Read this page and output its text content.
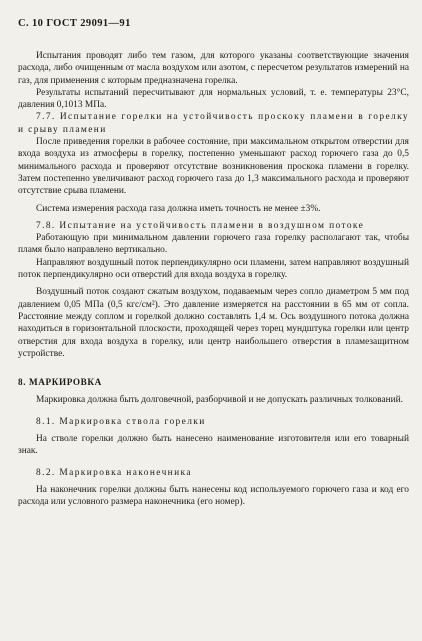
С. 10 ГОСТ 29091—91

Испытания проводят либо тем газом, для которого указаны соответствующие значения расхода, либо очищенным от масла воздухом или азотом, с пересчетом результатов измерений на газ, для применения с которым предназначена горелка.

Результаты испытаний пересчитывают для нормальных условий, т. е. температуры 23°С, давления 0,1013 МПа.

7.7. Испытание горелки на устойчивость проскоку пламени в горелку и срыву пламени

После приведения горелки в рабочее состояние, при максимальном открытом отверстии для входа воздуха из атмосферы в горелку, постепенно уменьшают расход горючего газа до 0,5 минимального расхода и проверяют отсутствие возникновения проскока пламени в горелку. Затем постепенно увеличивают расход горючего газа до 1,3 максимального расхода и проверяют отсутствие срыва пламени.

Система измерения расхода газа должна иметь точность не менее ±3%.

7.8. Испытание на устойчивость пламени в воздушном потоке

Работающую при минимальном давлении горючего газа горелку располагают так, чтобы пламя было направлено вертикально.

Направляют воздушный поток перпендикулярно оси пламени, затем направляют воздушный поток перпендикулярно оси отверстий для входа воздуха в горелку.

Воздушный поток создают сжатым воздухом, подаваемым через сопло диаметром 5 мм под давлением 0,05 МПа (0,5 кгс/см²). Это давление измеряется на расстоянии в 65 мм от сопла. Расстояние между соплом и горелкой должно составлять 1,4 м. Ось воздушного потока должна находиться в горизонтальной плоскости, проходящей через торец мундштука горелки или центр отверстия для входа воздуха в горелку, или центр наибольшего отверстия в пламезащитном устройстве.

8. МАРКИРОВКА

Маркировка должна быть долговечной, разборчивой и не допускать различных толкований.

8.1. Маркировка ствола горелки

На стволе горелки должно быть нанесено наименование изготовителя или его товарный знак.

8.2. Маркировка наконечника

На наконечник горелки должны быть нанесены код используемого горючего газа и код его расхода или условного размера наконечника (его номер).
